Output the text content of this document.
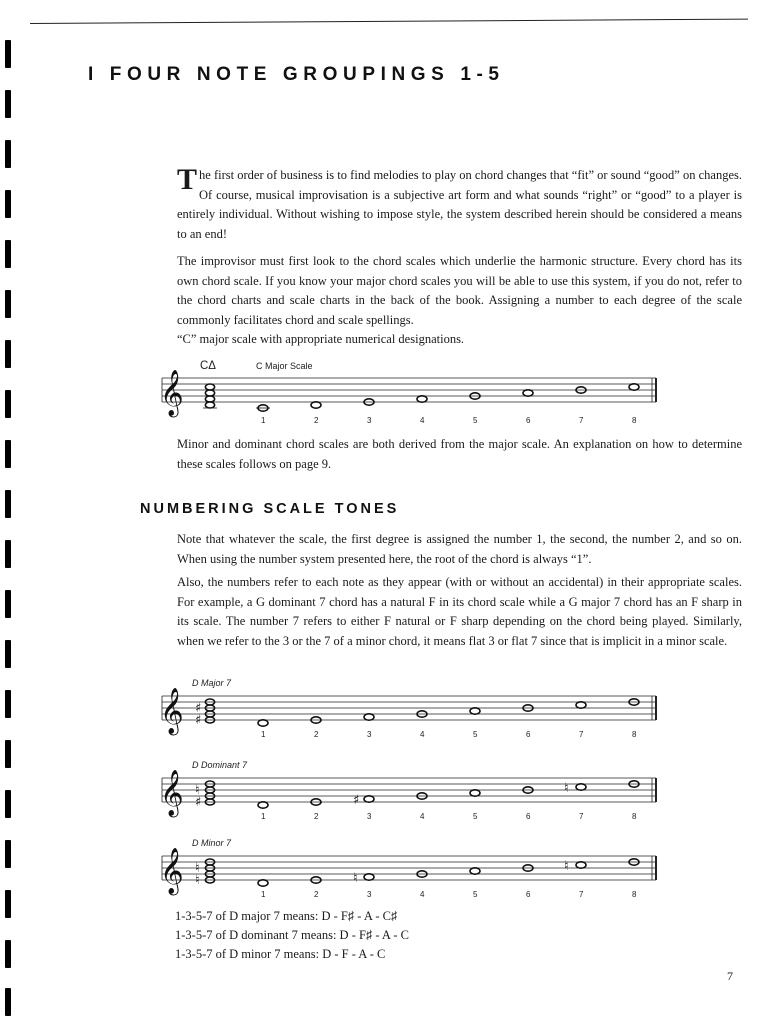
I FOUR NOTE GROUPINGS 1-5

The first order of business is to find melodies to play on chord changes that “fit” or sound “good” on changes. Of course, musical improvisation is a subjective art form and what sounds “right” or “good” to a player is entirely individual. Without wishing to impose style, the system described herein should be considered a means to an end!

The improvisor must first look to the chord scales which underlie the harmonic structure. Every chord has its own chord scale. If you know your major chord scales you will be able to use this system, if you do not, refer to the chord charts and scale charts in the back of the book. Assigning a number to each degree of the scale commonly facilitates chord and scale spellings.

“C” major scale with appropriate numerical designations.

CΔ	C Major Scale
𝄞
1	2	3	4	5	6	7	8

Minor and dominant chord scales are both derived from the major scale. An explanation on how to determine these scales follows on page 9.

NUMBERING SCALE TONES

Note that whatever the scale, the first degree is assigned the number 1, the second, the number 2, and so on. When using the number system presented here, the root of the chord is always “1”.

Also, the numbers refer to each note as they appear (with or without an accidental) in their appropriate scales. For example, a G dominant 7 chord has a natural F in its chord scale while a G major 7 chord has an F sharp in its scale. The number 7 refers to either F natural or F sharp depending on the chord being played. Similarly, when we refer to the 3 or the 7 of a minor chord, it means flat 3 or flat 7 since that is implicit in a minor scale.

D Major 7
𝄞 ♯
♯
1	2	3	4	5	6	7	8
D Dominant 7
𝄞 ♮
♯	♯
♮
1	2	3	4	5	6	7	8
D Minor 7
𝄞 ♮
♮	♮
♮
1	2	3	4	5	6	7	8

1-3-5-7 of D major 7 means: D - F♯ - A - C♯

1-3-5-7 of D dominant 7 means: D - F♯ - A - C

1-3-5-7 of D minor 7 means: D - F - A - C

7
